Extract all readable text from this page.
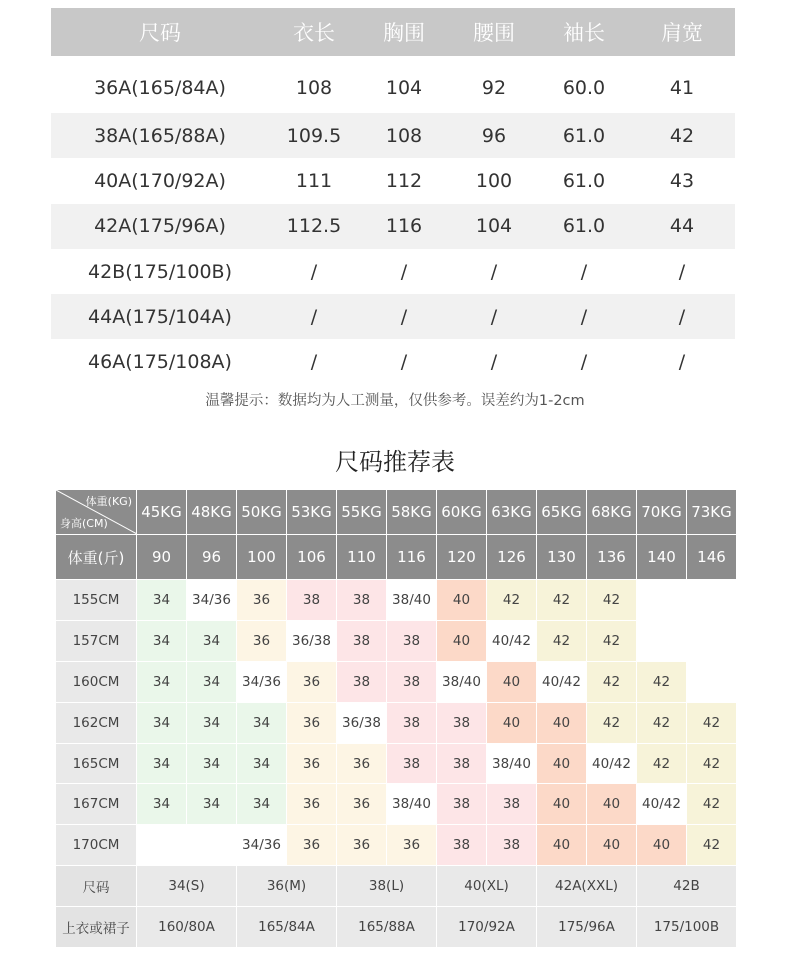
尺码	衣长	胸围	腰围	袖长	肩宽
36A(165/84A)	108	104	92	60.0	41
38A(165/88A)	109.5	108	96	61.0	42
40A(170/92A)	111	112	100	61.0	43
42A(175/96A)	112.5	116	104	61.0	44
42B(175/100B)	/	/	/	/	/
44A(175/104A)	/	/	/	/	/
46A(175/108A)	/	/	/	/	/
温馨提示：数据均为人工测量，仅供参考。误差约为1-2cm
尺码推荐表
体重(KG)
身高(CM)	45KG	48KG	50KG	53KG	55KG	58KG	60KG	63KG	65KG	68KG	70KG	73KG
体重(斤)	90	96	100	106	110	116	120	126	130	136	140	146
155CM	34	34/36	36	38	38	38/40	40	42	42	42		
157CM	34	34	36	36/38	38	38	40	40/42	42	42		
160CM	34	34	34/36	36	38	38	38/40	40	40/42	42	42	
162CM	34	34	34	36	36/38	38	38	40	40	42	42	42
165CM	34	34	34	36	36	38	38	38/40	40	40/42	42	42
167CM	34	34	34	36	36	38/40	38	38	40	40	40/42	42
170CM			34/36	36	36	36	38	38	40	40	40	42
尺码	34(S)		36(M)		38(L)		40(XL)		42A(XXL)		42B	
上衣或裙子	160/80A		165/84A		165/88A		170/92A		175/96A		175/100B	
